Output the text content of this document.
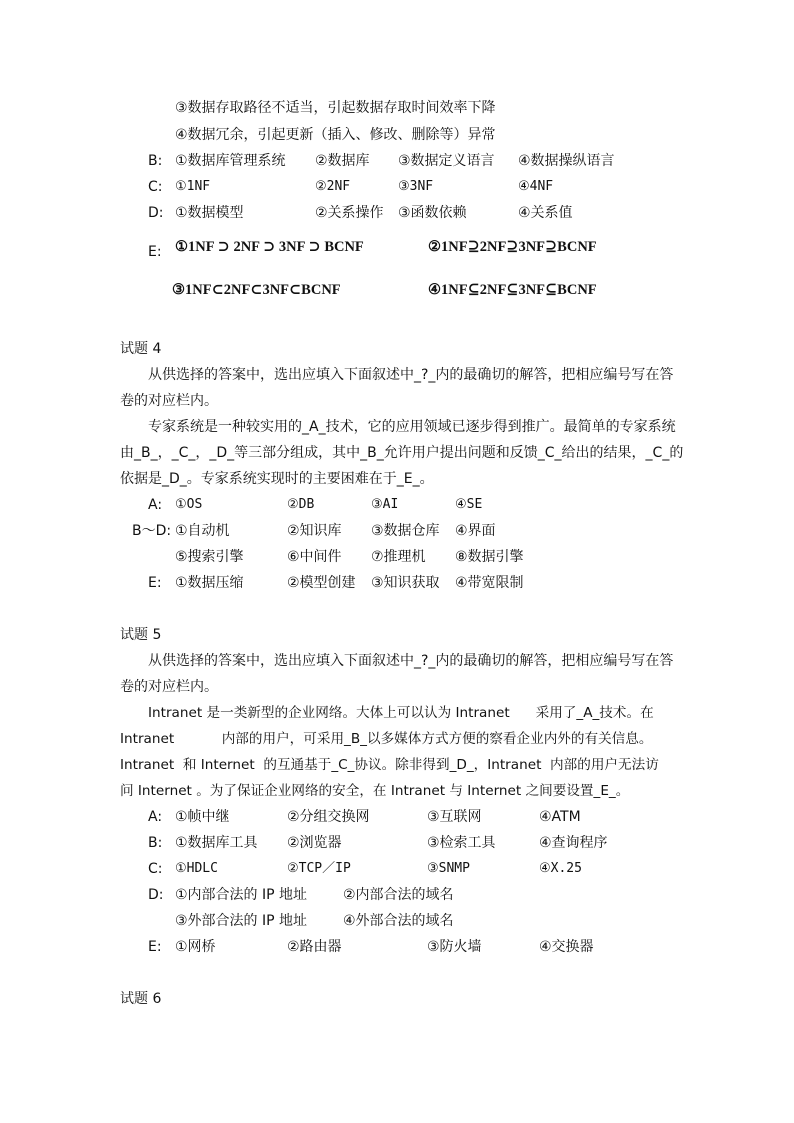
③数据存取路径不适当，引起数据存取时间效率下降
④数据冗余，引起更新（插入、修改、删除等）异常
B: ①数据库管理系统 ②数据库 ③数据定义语言 ④数据操纵语言
C: ①1NF	②2NF	③3NF	④4NF
D: ①数据模型	②关系操作 ③函数依赖	④关系值
E: ①1NF ⊃ 2NF ⊃ 3NF ⊃ BCNF	②1NF⊇2NF⊇3NF⊇BCNF
③1NF⊂2NF⊂3NF⊂BCNF	④1NF⊆2NF⊆3NF⊆BCNF
试题 4
从供选择的答案中，选出应填入下面叙述中_?_内的最确切的解答，把相应编号写在答
卷的对应栏内。
专家系统是一种较实用的_A_技术，它的应用领域已逐步得到推广。最简单的专家系统
由_B_，_C_，_D_等三部分组成，其中_B_允许用户提出问题和反馈_C_给出的结果，_C_的
依据是_D_。专家系统实现时的主要困难在于_E_。
A: ①OS	②DB	③AI	④SE
B～D: ①自动机	②知识库 ③数据仓库 ④界面
⑤搜索引擎	⑥中间件 ⑦推理机 ⑧数据引擎
E: ①数据压缩	②模型创建 ③知识获取 ④带宽限制
试题 5
从供选择的答案中，选出应填入下面叙述中_?_内的最确切的解答，把相应编号写在答
卷的对应栏内。
Intranet 是一类新型的企业网络。大体上可以认为 Intranet      采用了_A_技术。在
Intranet           内部的用户，可采用_B_以多媒体方式方便的察看企业内外的有关信息。
Intranet  和 Internet  的互通基于_C_协议。除非得到_D_，Intranet  内部的用户无法访
问 Internet 。为了保证企业网络的安全，在 Intranet 与 Internet 之间要设置_E_。
A: ①帧中继	②分组交换网	③互联网	④ATM
B: ①数据库工具 ②浏览器	③检索工具	④查询程序
C: ①HDLC	②TCP／IP	③SNMP	④X.25
D: ①内部合法的 IP 地址	②内部合法的域名
③外部合法的 IP 地址	④外部合法的域名
E: ①网桥	②路由器	③防火墙	④交换器
试题 6
